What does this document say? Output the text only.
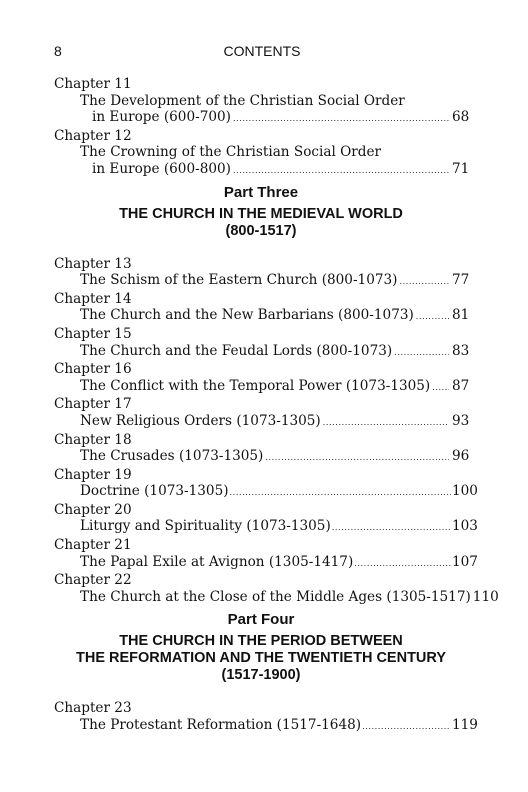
8	CONTENTS
Chapter 11
The Development of the Christian Social Order
in Europe (600-700) .....	68
Chapter 12
The Crowning of the Christian Social Order
in Europe (600-800) .....	71
Part Three
THE CHURCH IN THE MEDIEVAL WORLD
(800-1517)
Chapter 13
The Schism of the Eastern Church (800-1073) .....	77
Chapter 14
The Church and the New Barbarians (800-1073) .....	81
Chapter 15
The Church and the Feudal Lords (800-1073) .....	83
Chapter 16
The Conflict with the Temporal Power (1073-1305) ..... 87
Chapter 17
New Religious Orders (1073-1305) .....	93
Chapter 18
The Crusades (1073-1305) .....	96
Chapter 19
Doctrine (1073-1305) .....	100
Chapter 20
Liturgy and Spirituality (1073-1305) .....	103
Chapter 21
The Papal Exile at Avignon (1305-1417) .....	107
Chapter 22
The Church at the Close of the Middle Ages (1305-1517) 110
Part Four
THE CHURCH IN THE PERIOD BETWEEN
THE REFORMATION AND THE TWENTIETH CENTURY
(1517-1900)
Chapter 23
The Protestant Reformation (1517-1648) .....	119
